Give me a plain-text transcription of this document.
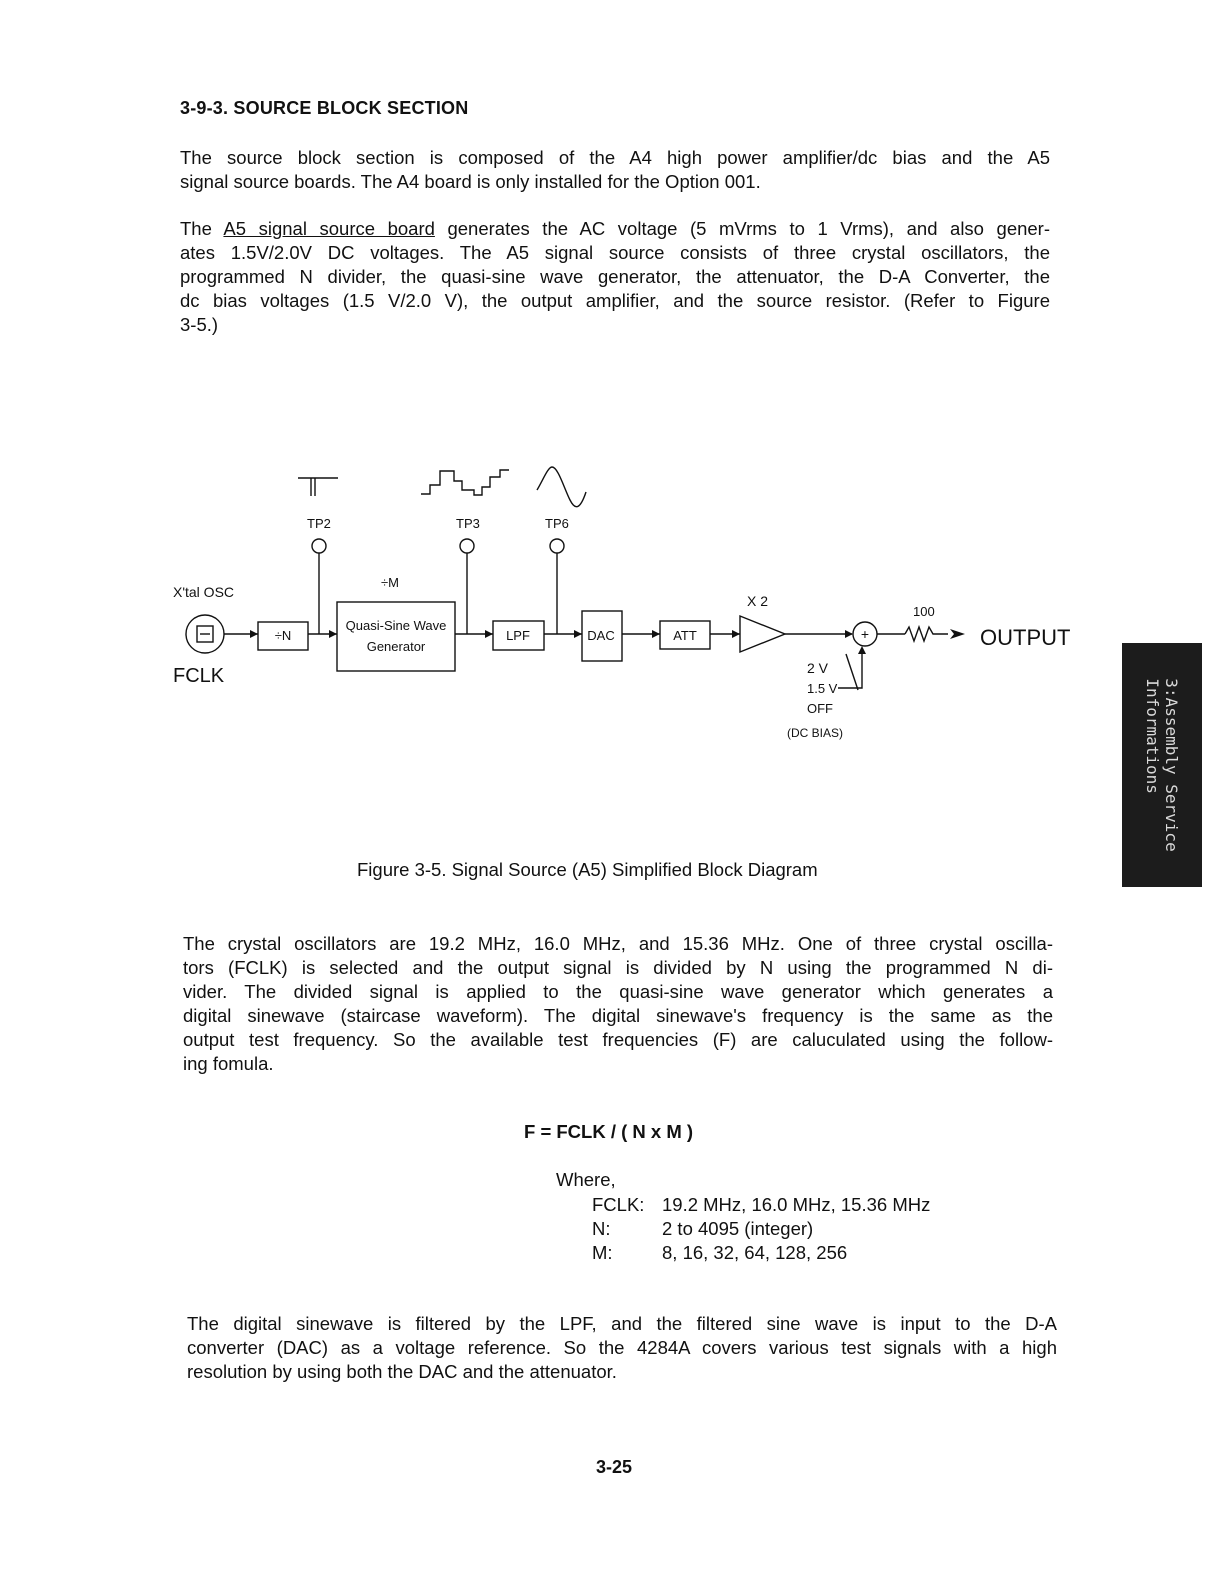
3-9-3. SOURCE BLOCK SECTION
The source block section is composed of the A4 high power amplifier/dc bias and the A5
signal source boards. The A4 board is only installed for the Option 001.
The A5 signal source board generates the AC voltage (5 mVrms to 1 Vrms), and also gener-
ates 1.5V/2.0V DC voltages. The A5 signal source consists of three crystal oscillators, the
programmed N divider, the quasi-sine wave generator, the attenuator, the D-A Converter, the
dc bias voltages (1.5 V/2.0 V), the output amplifier, and the source resistor. (Refer to Figure
3-5.)
TP2	TP3	TP6
X'tal OSC
FCLK
÷M
÷N
Quasi-Sine Wave
Generator
LPF	DAC	ATT
X 2
+
100
OUTPUT
2 V
1.5 V
OFF
(DC BIAS)
Figure 3-5. Signal Source (A5) Simplified Block Diagram
The crystal oscillators are 19.2 MHz, 16.0 MHz, and 15.36 MHz. One of three crystal oscilla-
tors (FCLK) is selected and the output signal is divided by N using the programmed N di-
vider. The divided signal is applied to the quasi-sine wave generator which generates a
digital sinewave (staircase waveform). The digital sinewave's frequency is the same as the
output test frequency. So the available test frequencies (F) are caluculated using the follow-
ing fomula.
F = FCLK / ( N x M )
Where,
FCLK: 19.2 MHz, 16.0 MHz, 15.36 MHz
N:	2 to 4095 (integer)
M:	8, 16, 32, 64, 128, 256
The digital sinewave is filtered by the LPF, and the filtered sine wave is input to the D-A
converter (DAC) as a voltage reference. So the 4284A covers various test signals with a high
resolution by using both the DAC and the attenuator.
3-25
3:Assembly Service
Informations
